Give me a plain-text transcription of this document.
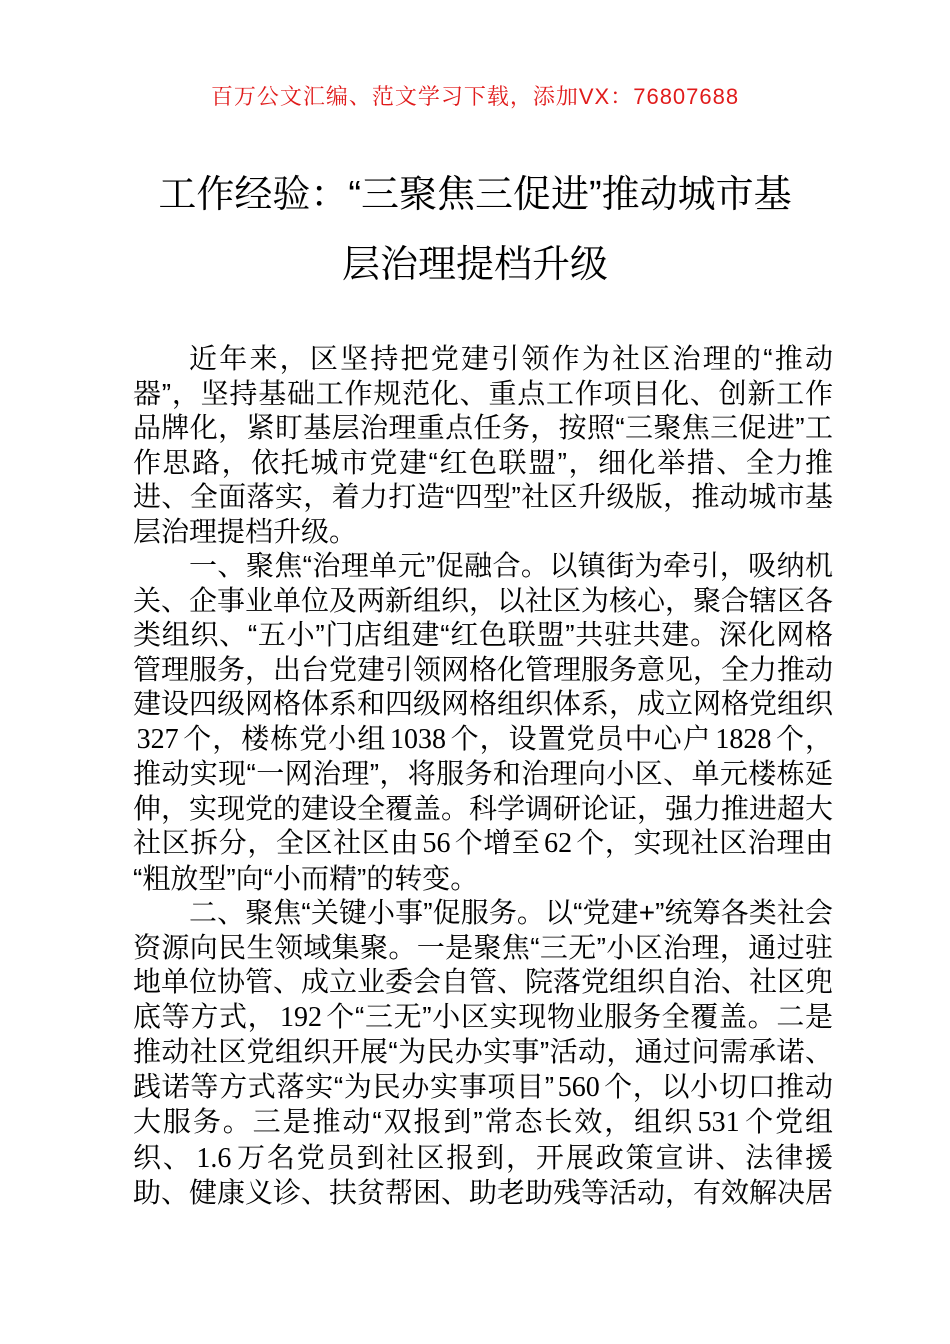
百万公文汇编、范文学习下载，添加VX：76807688
工作经验：“三聚焦三促进”推动城市基
层治理提档升级

近年来，区坚持把党建引领作为社区治理的“推动器”，坚持基础工作规范化、重点工作项目化、创新工作品牌化，紧盯基层治理重点任务，按照“三聚焦三促进”工作思路，依托城市党建“红色联盟”，细化举措、全力推进、全面落实，着力打造“四型”社区升级版，推动城市基层治理提档升级。

一、聚焦“治理单元”促融合。以镇街为牵引，吸纳机关、企事业单位及两新组织，以社区为核心，聚合辖区各类组织、“五小”门店组建“红色联盟”共驻共建。深化网格管理服务，出台党建引领网格化管理服务意见，全力推动建设四级网格体系和四级网格组织体系，成立网格党组织327 个，楼栋党小组 1038 个，设置党员中心户 1828 个，推动实现“一网治理”，将服务和治理向小区、单元楼栋延伸，实现党的建设全覆盖。科学调研论证，强力推进超大社区拆分，全区社区由 56 个增至 62 个，实现社区治理由“粗放型”向“小而精”的转变。

二、聚焦“关键小事”促服务。以“党建+”统筹各类社会资源向民生领域集聚。一是聚焦“三无”小区治理，通过驻地单位协管、成立业委会自管、院落党组织自治、社区兜底等方式， 192 个“三无”小区实现物业服务全覆盖。二是推动社区党组织开展“为民办实事”活动，通过问需承诺、践诺等方式落实“为民办实事项目” 560 个，以小切口推动大服务。三是推动“双报到”常态长效，组织 531 个党组织、 1.6 万名党员到社区报到，开展政策宣讲、法律援助、健康义诊、扶贫帮困、助老助残等活动，有效解决居
